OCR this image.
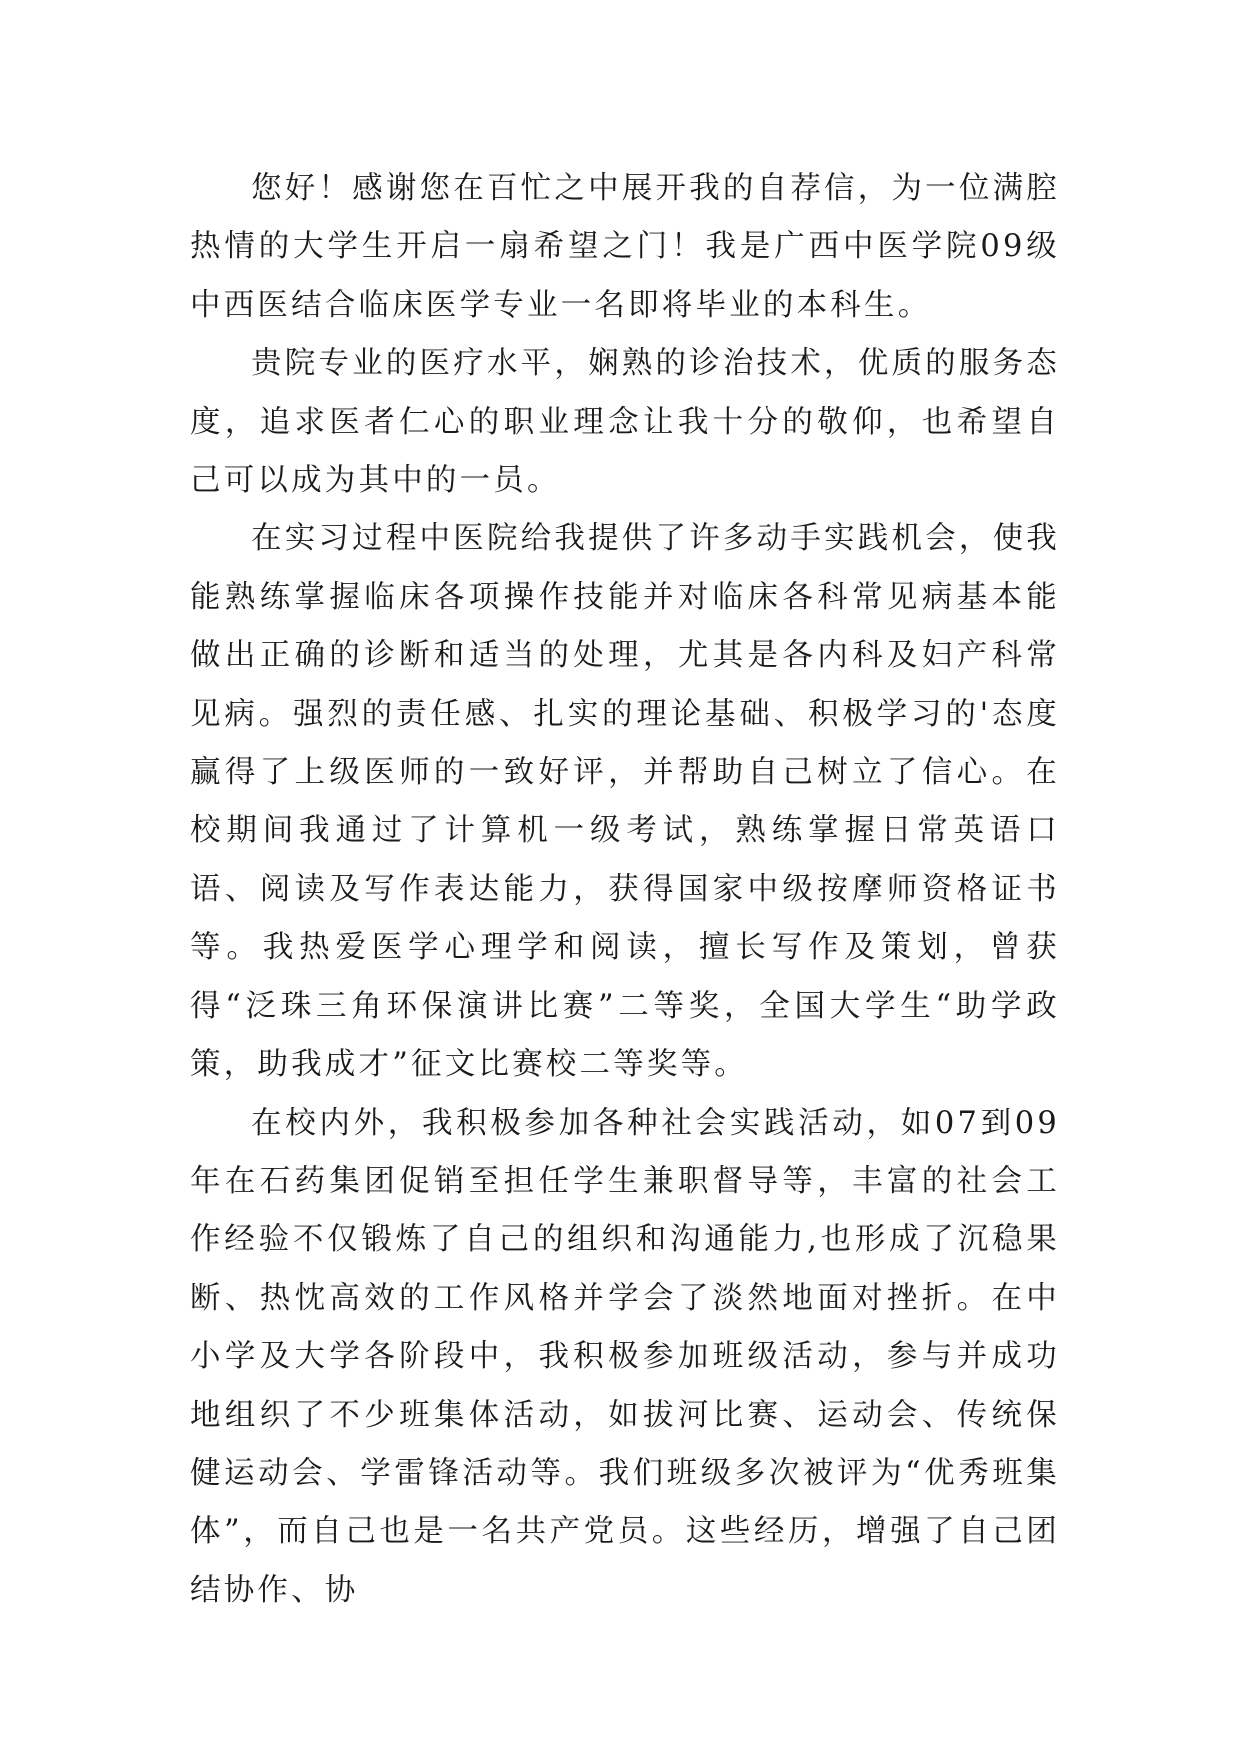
您好！感谢您在百忙之中展开我的自荐信，为一位满腔热情的大学生开启一扇希望之门！我是广西中医学院09级中西医结合临床医学专业一名即将毕业的本科生。

贵院专业的医疗水平，娴熟的诊治技术，优质的服务态度，追求医者仁心的职业理念让我十分的敬仰，也希望自己可以成为其中的一员。

在实习过程中医院给我提供了许多动手实践机会，使我能熟练掌握临床各项操作技能并对临床各科常见病基本能做出正确的诊断和适当的处理，尤其是各内科及妇产科常见病。强烈的责任感、扎实的理论基础、积极学习的'态度赢得了上级医师的一致好评，并帮助自己树立了信心。在校期间我通过了计算机一级考试，熟练掌握日常英语口语、阅读及写作表达能力，获得国家中级按摩师资格证书等。我热爱医学心理学和阅读，擅长写作及策划，曾获得“泛珠三角环保演讲比赛”二等奖，全国大学生“助学政策，助我成才”征文比赛校二等奖等。

在校内外，我积极参加各种社会实践活动，如07到09年在石药集团促销至担任学生兼职督导等，丰富的社会工作经验不仅锻炼了自己的组织和沟通能力,也形成了沉稳果断、热忱高效的工作风格并学会了淡然地面对挫折。在中小学及大学各阶段中，我积极参加班级活动，参与并成功地组织了不少班集体活动，如拔河比赛、运动会、传统保健运动会、学雷锋活动等。我们班级多次被评为“优秀班集体”，而自己也是一名共产党员。这些经历，增强了自己团结协作、协
